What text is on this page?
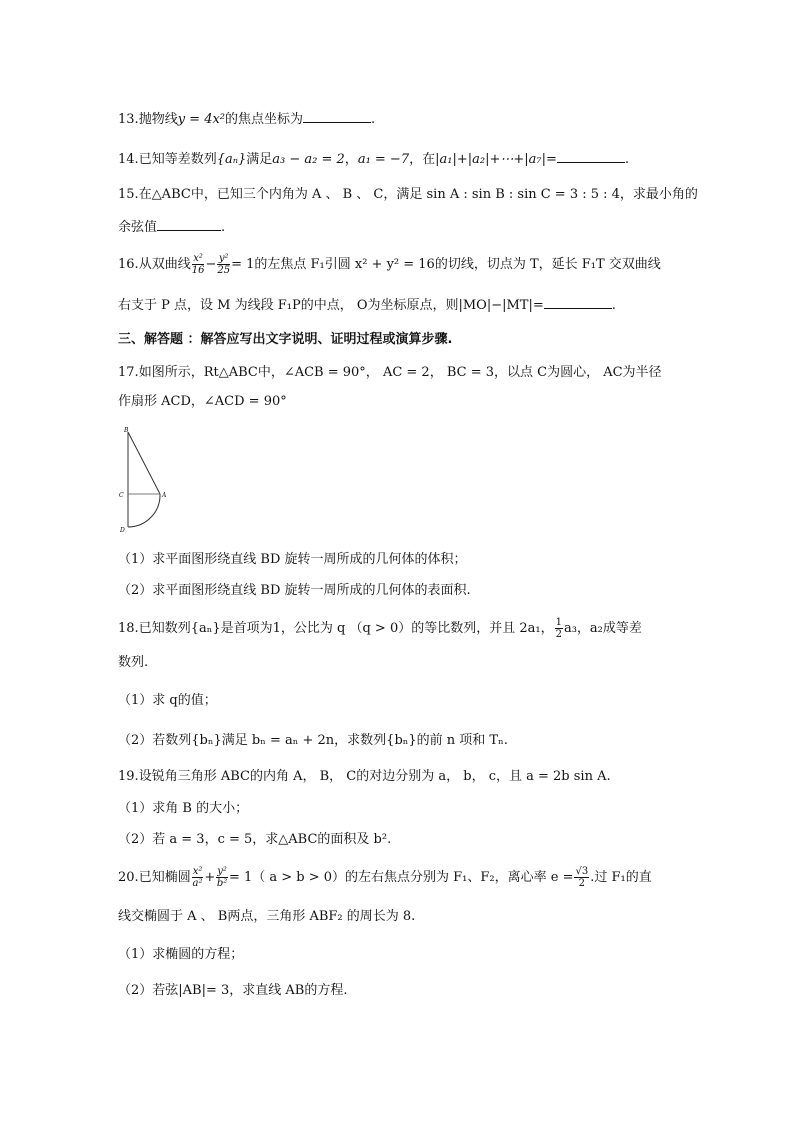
13.抛物线y = 4x²的焦点坐标为	.
14.已知等差数列{aₙ}满足a₃ − a₂ = 2，a₁ = −7，在|a₁|+|a₂|+⋯+|a₇|=	.
15.在△ABC中，已知三个内角为 A 、 B 、 C，满足 sin A : sin B : sin C = 3 : 5 : 4，求最小角的
余弦值	.
16.从双曲线 $\frac{\text{x²}}{16} - \frac{\text{y²}}{25} = 1$的左焦点 F₁引圆 x² + y² = 16的切线，切点为 T，延长 F₁T 交双曲线
右支于 P 点，设 M 为线段 F₁P的中点， O为坐标原点，则|MO|−|MT|=	.
三、解答题 ：解答应写出文字说明、证明过程或演算步骤.
17.如图所示，Rt△ABC中，∠ACB = 90°， AC = 2， BC = 3，以点 C为圆心， AC为半径
作扇形 ACD，∠ACD = 90°
B
C	A
D
（1）求平面图形绕直线 BD 旋转一周所成的几何体的体积；
（2）求平面图形绕直线 BD 旋转一周所成的几何体的表面积.
18.已知数列{aₙ}是首项为1，公比为 q （q > 0）的等比数列，并且 2a₁， $\frac{1}{2} a_3$，a₂成等差
数列.
（1）求 q的值；
（2）若数列{bₙ}满足 bₙ = aₙ + 2n，求数列{bₙ}的前 n 项和 Tₙ.
19.设锐角三角形 ABC的内角 A， B， C的对边分别为 a， b， c，且 a = 2b sin A.
（1）求角 B 的大小；
（2）若 a = 3，c = 5，求△ABC的面积及 b².
20.已知椭圆 $\frac{\text{x²}}{\text{a²}} + \frac{\text{y²}}{\text{b²}} = 1$（ a > b > 0）的左右焦点分别为 F₁、F₂，离心率 $e = \frac{√3}{2}$ .过 F₁的直
线交椭圆于 A 、 B两点，三角形 ABF₂ 的周长为 8.
（1）求椭圆的方程；
（2）若弦|AB|= 3，求直线 AB的方程.
